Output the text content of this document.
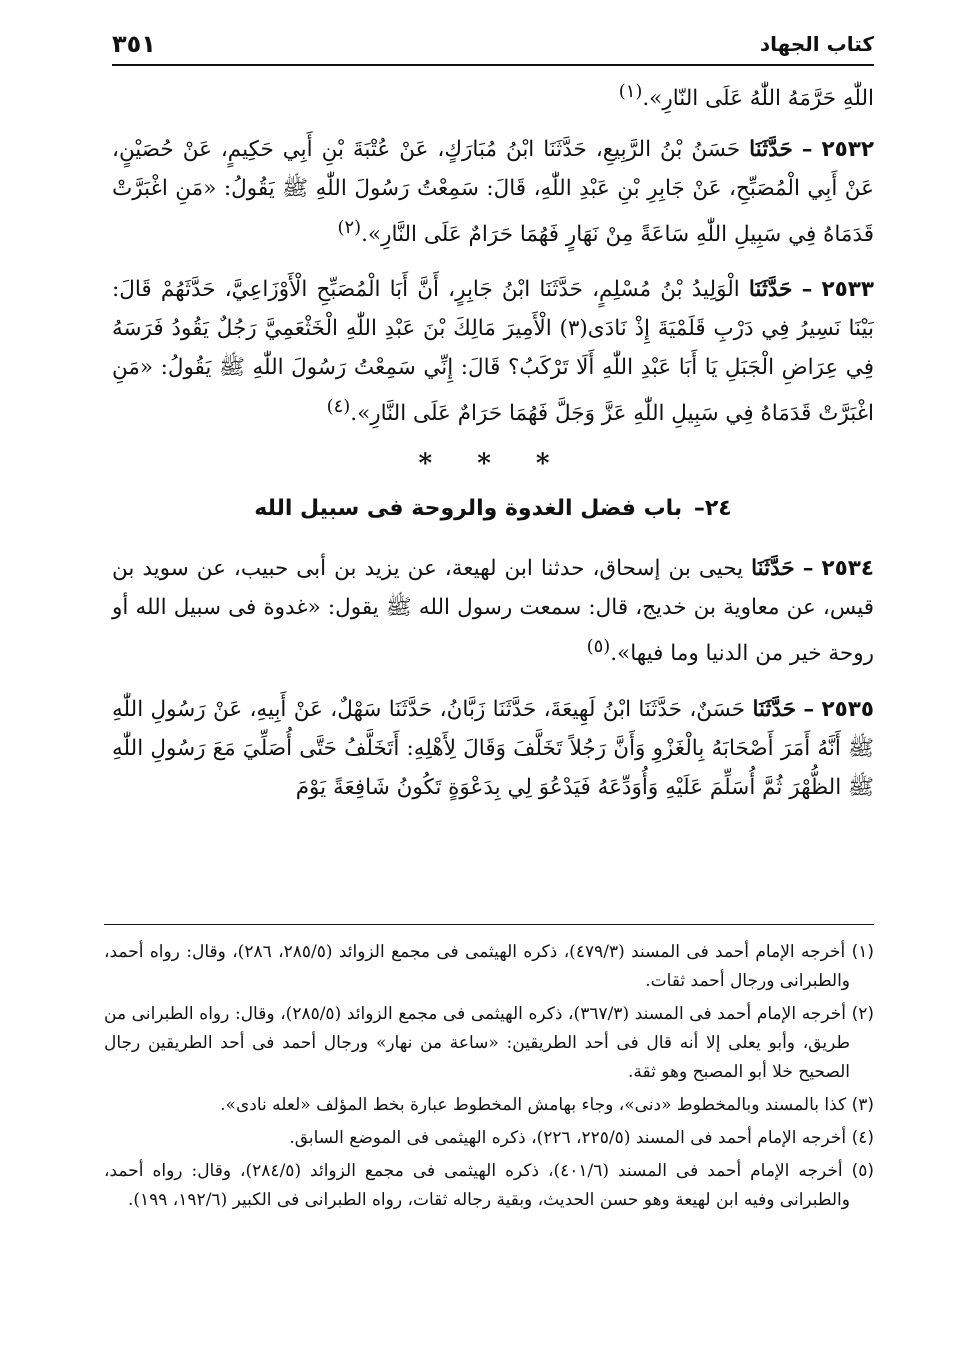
كتاب الجهاد
٣٥١

اللّٰهِ حَرَّمَهُ اللّٰهُ عَلَى النّارِ».$^{(١)}$

٢٥٣٢ – حَدَّثَنَا حَسَنُ بْنُ الرَّبِيعِ، حَدَّثَنَا ابْنُ مُبَارَكٍ، عَنْ عُتْبَةَ بْنِ أَبِي حَكِيمٍ، عَنْ حُصَيْنٍ، عَنْ أَبِي الْمُصَبِّحِ، عَنْ جَابِرِ بْنِ عَبْدِ اللّٰهِ، قَالَ: سَمِعْتُ رَسُولَ اللّٰهِ ﷺ يَقُولُ: «مَنِ اغْبَرَّتْ قَدَمَاهُ فِي سَبِيلِ اللّٰهِ سَاعَةً مِنْ نَهَارٍ فَهُمَا حَرَامٌ عَلَى النَّارِ».$^{(٢)}$

٢٥٣٣ – حَدَّثَنَا الْوَلِيدُ بْنُ مُسْلِمٍ، حَدَّثَنَا ابْنُ جَابِرٍ، أَنَّ أَبَا الْمُصَبِّحِ الْأَوْزَاعِيَّ، حَدَّثَهُمْ قَالَ: بَيْنَا نَسِيرُ فِي دَرْبِ قَلَمْيَةَ إِذْ نَادَى(٣) الْأَمِيرَ مَالِكَ بْنَ عَبْدِ اللّٰهِ الْخَثْعَمِيَّ رَجُلٌ يَقُودُ فَرَسَهُ فِي عِرَاضِ الْجَبَلِ يَا أَبَا عَبْدِ اللّٰهِ أَلَا تَرْكَبُ؟ قَالَ: إِنِّي سَمِعْتُ رَسُولَ اللّٰهِ ﷺ يَقُولُ: «مَنِ اغْبَرَّتْ قَدَمَاهُ فِي سَبِيلِ اللّٰهِ عَزَّ وَجَلَّ فَهُمَا حَرَامٌ عَلَى النَّارِ».$^{(٤)}$

* * *
٢٤– باب فضل الغدوة والروحة فى سبيل الله

٢٥٣٤ – حَدَّثَنَا يحيى بن إسحاق، حدثنا ابن لهيعة، عن يزيد بن أبى حبيب، عن سويد بن قيس، عن معاوية بن خديج، قال: سمعت رسول الله ﷺ يقول: «غدوة فى سبيل الله أو روحة خير من الدنيا وما فيها».$^{(٥)}$

٢٥٣٥ – حَدَّثَنَا حَسَنٌ، حَدَّثَنَا ابْنُ لَهِيعَةَ، حَدَّثَنَا زَبَّانُ، حَدَّثَنَا سَهْلٌ، عَنْ أَبِيهِ، عَنْ رَسُولِ اللّٰهِ ﷺ أَنَّهُ أَمَرَ أَصْحَابَهُ بِالْغَزْوِ وَأَنَّ رَجُلاً تَخَلَّفَ وَقَالَ لِأَهْلِهِ: أَتَخَلَّفُ حَتَّى أُصَلِّيَ مَعَ رَسُولِ اللّٰهِ ﷺ الظُّهْرَ ثُمَّ أُسَلِّمَ عَلَيْهِ وَأُوَدِّعَهُ فَيَدْعُوَ لِي بِدَعْوَةٍ تَكُونُ شَافِعَةً يَوْمَ

(١) أخرجه الإمام أحمد فى المسند (٤٧٩/٣)، ذكره الهيثمى فى مجمع الزوائد (٢٨٥/٥، ٢٨٦)، وقال: رواه أحمد، والطبرانى ورجال أحمد ثقات.

(٢) أخرجه الإمام أحمد فى المسند (٣٦٧/٣)، ذكره الهيثمى فى مجمع الزوائد (٢٨٥/٥)، وقال: رواه الطبرانى من طريق، وأبو يعلى إلا أنه قال فى أحد الطريقين: «ساعة من نهار» ورجال أحمد فى أحد الطريقين رجال الصحيح خلا أبو المصبح وهو ثقة.

(٣) كذا بالمسند وبالمخطوط «دنى»، وجاء بهامش المخطوط عبارة بخط المؤلف «لعله نادى».

(٤) أخرجه الإمام أحمد فى المسند (٢٢٥/٥، ٢٢٦)، ذكره الهيثمى فى الموضع السابق.

(٥) أخرجه الإمام أحمد فى المسند (٤٠١/٦)، ذكره الهيثمى فى مجمع الزوائد (٢٨٤/٥)، وقال: رواه أحمد، والطبرانى وفيه ابن لهيعة وهو حسن الحديث، وبقية رجاله ثقات، رواه الطبرانى فى الكبير (١٩٢/٦، ١٩٩).
